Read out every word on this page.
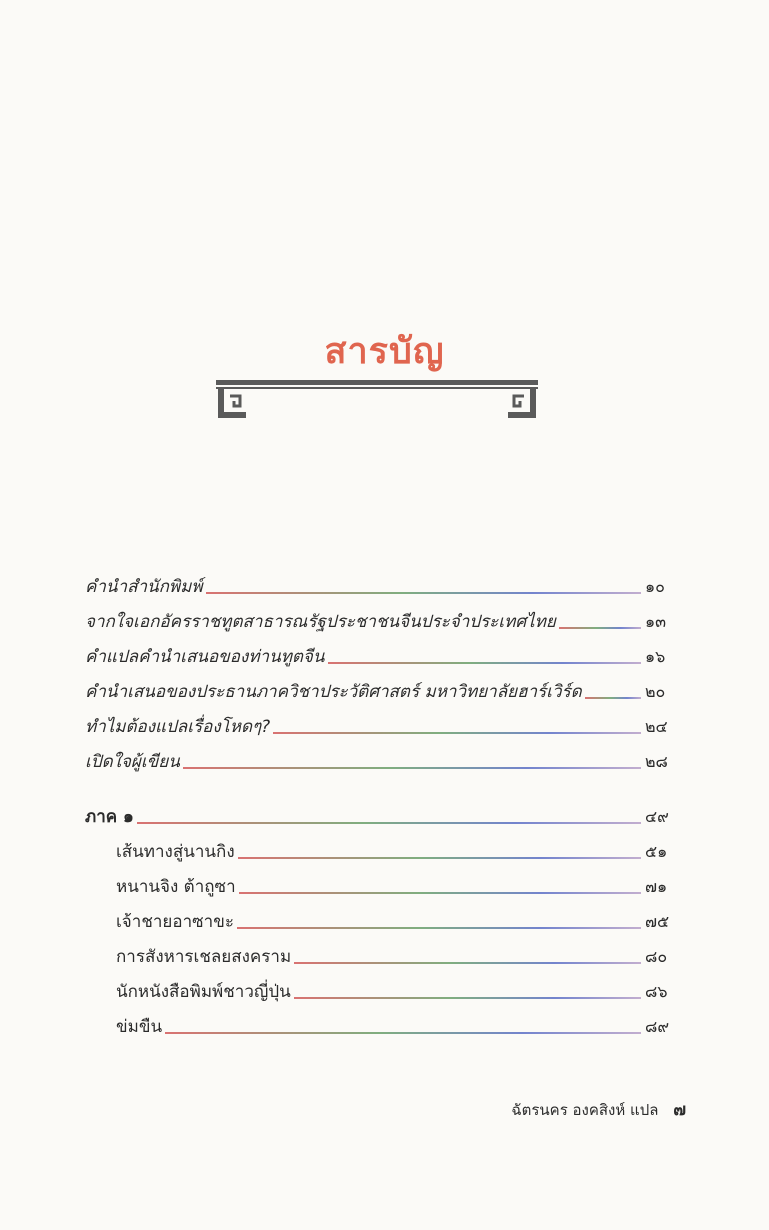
สารบัญ
คำนำสำนักพิมพ์	๑๐
จากใจเอกอัครราชทูตสาธารณรัฐประชาชนจีนประจำประเทศไทย	๑๓
คำแปลคำนำเสนอของท่านทูตจีน	๑๖
คำนำเสนอของประธานภาควิชาประวัติศาสตร์ มหาวิทยาลัยฮาร์เวิร์ด	๒๐
ทำไมต้องแปลเรื่องโหดๆ?	๒๔
เปิดใจผู้เขียน	๒๘
ภาค ๑	๔๙
เส้นทางสู่นานกิง	๕๑
หนานจิง ต้าถูซา	๗๑
เจ้าชายอาซาขะ	๗๕
การสังหารเชลยสงคราม	๘๐
นักหนังสือพิมพ์ชาวญี่ปุ่น	๘๖
ข่มขืน	๘๙
ฉัตรนคร องคสิงห์ แปล ๗
